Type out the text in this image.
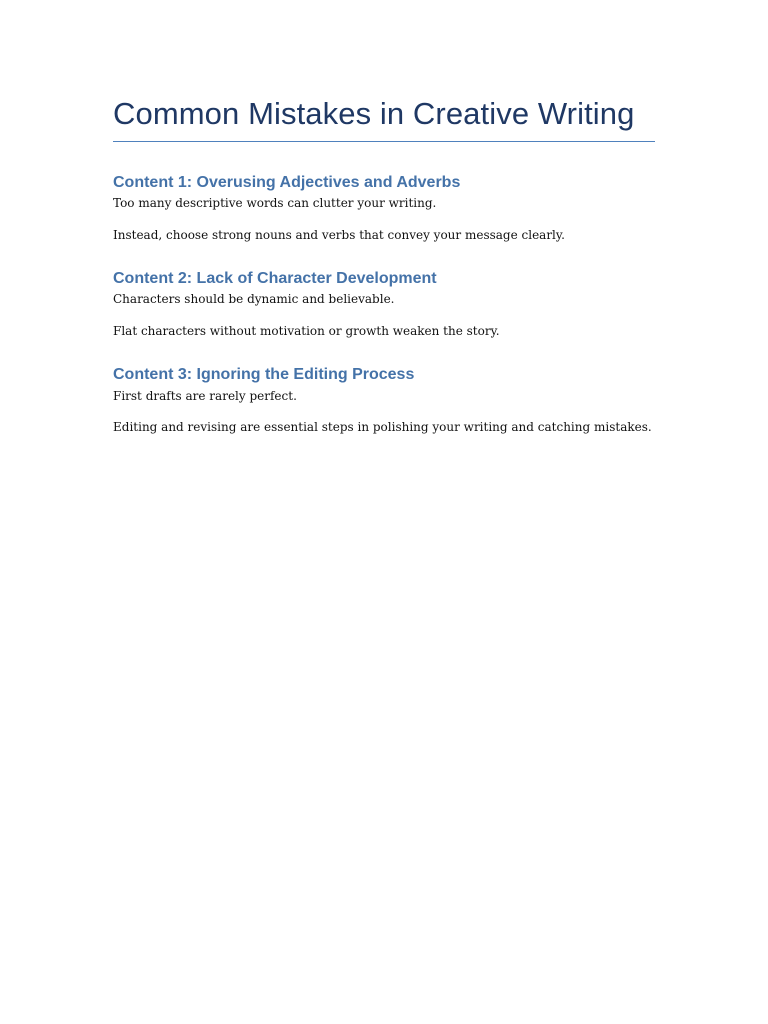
Common Mistakes in Creative Writing
Content 1: Overusing Adjectives and Adverbs

Too many descriptive words can clutter your writing.

Instead, choose strong nouns and verbs that convey your message clearly.

Content 2: Lack of Character Development

Characters should be dynamic and believable.

Flat characters without motivation or growth weaken the story.

Content 3: Ignoring the Editing Process

First drafts are rarely perfect.

Editing and revising are essential steps in polishing your writing and catching mistakes.
